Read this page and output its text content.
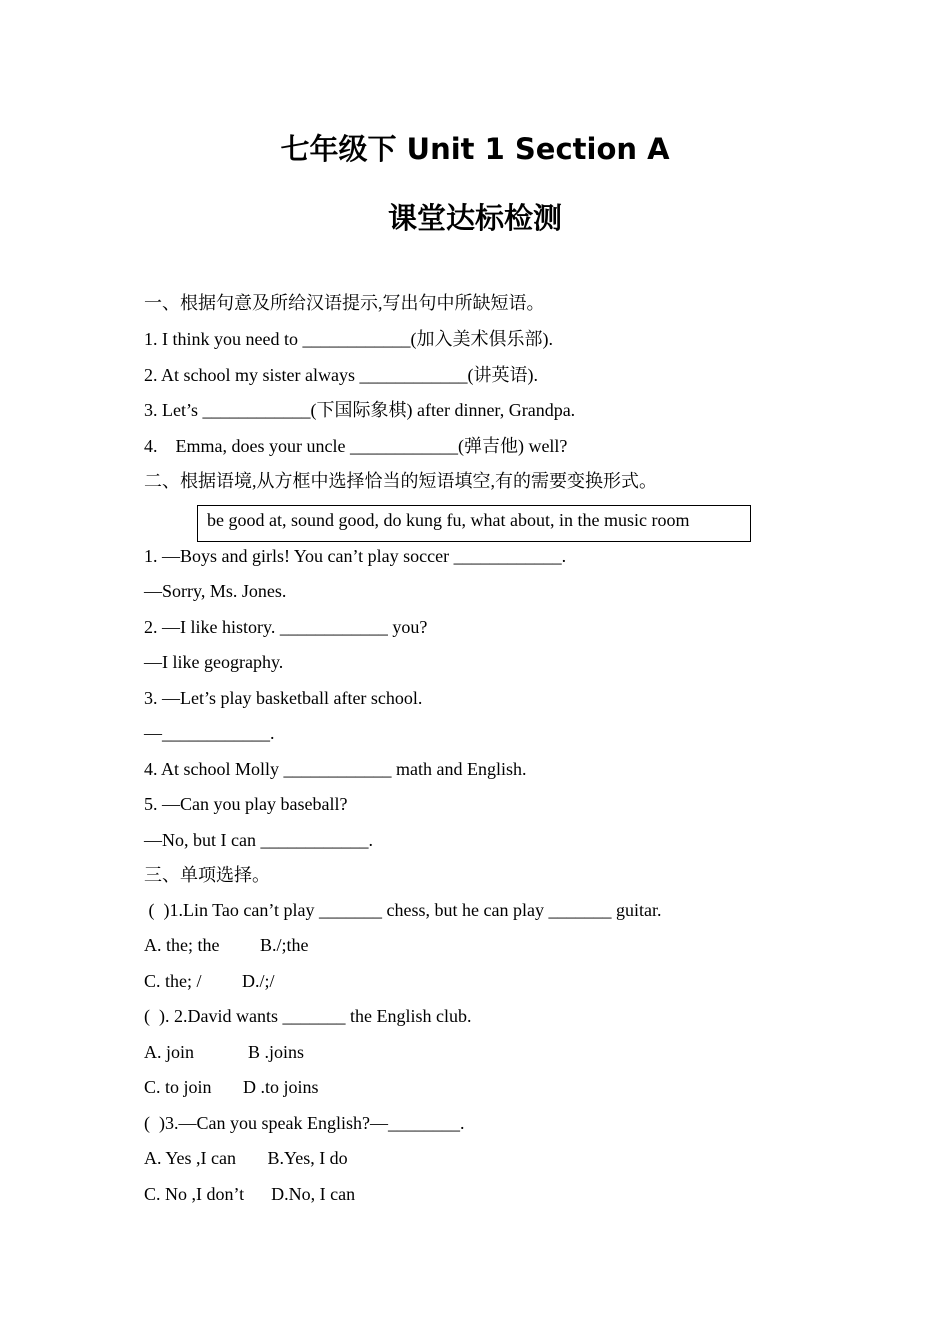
七年级下 Unit 1 Section A
课堂达标检测
一、根据句意及所给汉语提示,写出句中所缺短语。
1. I think you need to ____________(加入美术俱乐部).
2. At school my sister always ____________(讲英语).
3. Let’s ____________(下国际象棋) after dinner, Grandpa.
4.    Emma, does your uncle ____________(弹吉他) well?
二、根据语境,从方框中选择恰当的短语填空,有的需要变换形式。
be good at, sound good, do kung fu, what about, in the music room
1. —Boys and girls! You can’t play soccer ____________.
—Sorry, Ms. Jones.
2. —I like history. ____________ you?
—I like geography.
3. —Let’s play basketball after school.
—____________.
4. At school Molly ____________ math and English.
5. —Can you play baseball?
—No, but I can ____________.
三、单项选择。
(  )1.Lin Tao can’t play _______ chess, but he can play _______ guitar.
A. the; the         B./;the
C. the; /         D./;/
(  ). 2.David wants _______ the English club.
A. join            B .joins
C. to join       D .to joins
(  )3.—Can you speak English?—________.
A. Yes ,I can       B.Yes, I do
C. No ,I don’t      D.No, I can
